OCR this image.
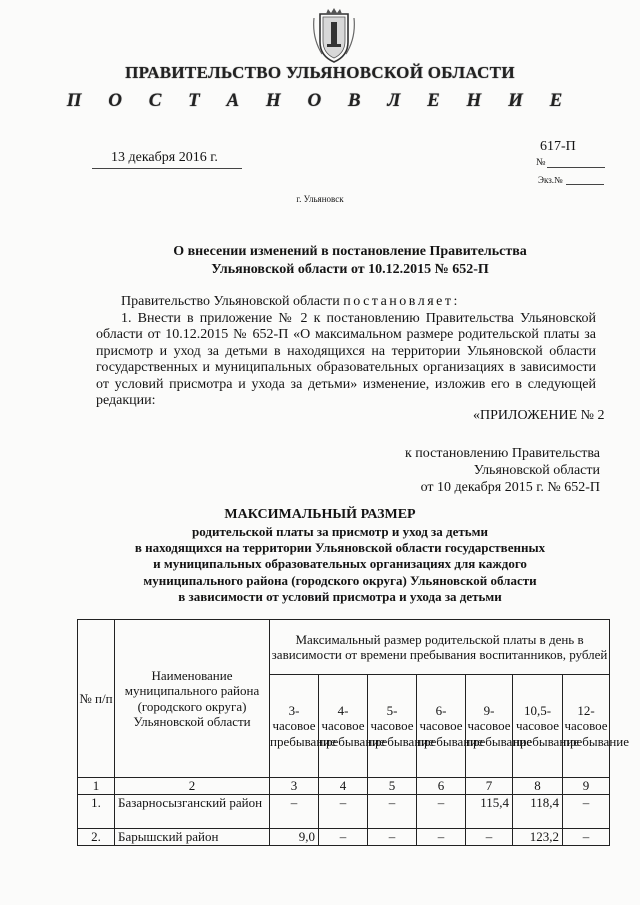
ПРАВИТЕЛЬСТВО УЛЬЯНОВСКОЙ ОБЛАСТИ
П О С Т А Н О В Л Е Н И Е
13 декабря 2016 г.
617-П
№
Экз.№
г. Ульяновск
О внесении изменений в постановление Правительства
Ульяновской области от 10.12.2015 № 652-П
Правительство Ульяновской области постановляет:
1. Внести в приложение № 2 к постановлению Правительства Ульяновской области от 10.12.2015 № 652-П «О максимальном размере родительской платы за присмотр и уход за детьми в находящихся на территории Ульяновской области государственных и муниципальных образовательных организациях в зависимости от условий присмотра и ухода за детьми» изменение, изложив его в следующей редакции:
«ПРИЛОЖЕНИЕ № 2
к постановлению Правительства
Ульяновской области
от 10 декабря 2015 г. № 652-П
МАКСИМАЛЬНЫЙ РАЗМЕР
родительской платы за присмотр и уход за детьми
в находящихся на территории Ульяновской области государственных
и муниципальных образовательных организациях для каждого
муниципального района (городского округа) Ульяновской области
в зависимости от условий присмотра и ухода за детьми
№ п/п	Наименование муниципального района (городского округа) Ульяновской области	Максимальный размер родительской платы в день в зависимости от времени пребывания воспитанников, рублей						
		3-часовое пребывание	4-часовое пребывание	5-часовое пребывание	6-часовое пребывание	9-часовое пребывание	10,5-часовое пребывание	12-часовое пребывание
1	2	3	4	5	6	7	8	9
1.	Базарносызганский район	–	–	–	–	115,4	118,4	–
2.	Барышский район	9,0	–	–	–	–	123,2	–
